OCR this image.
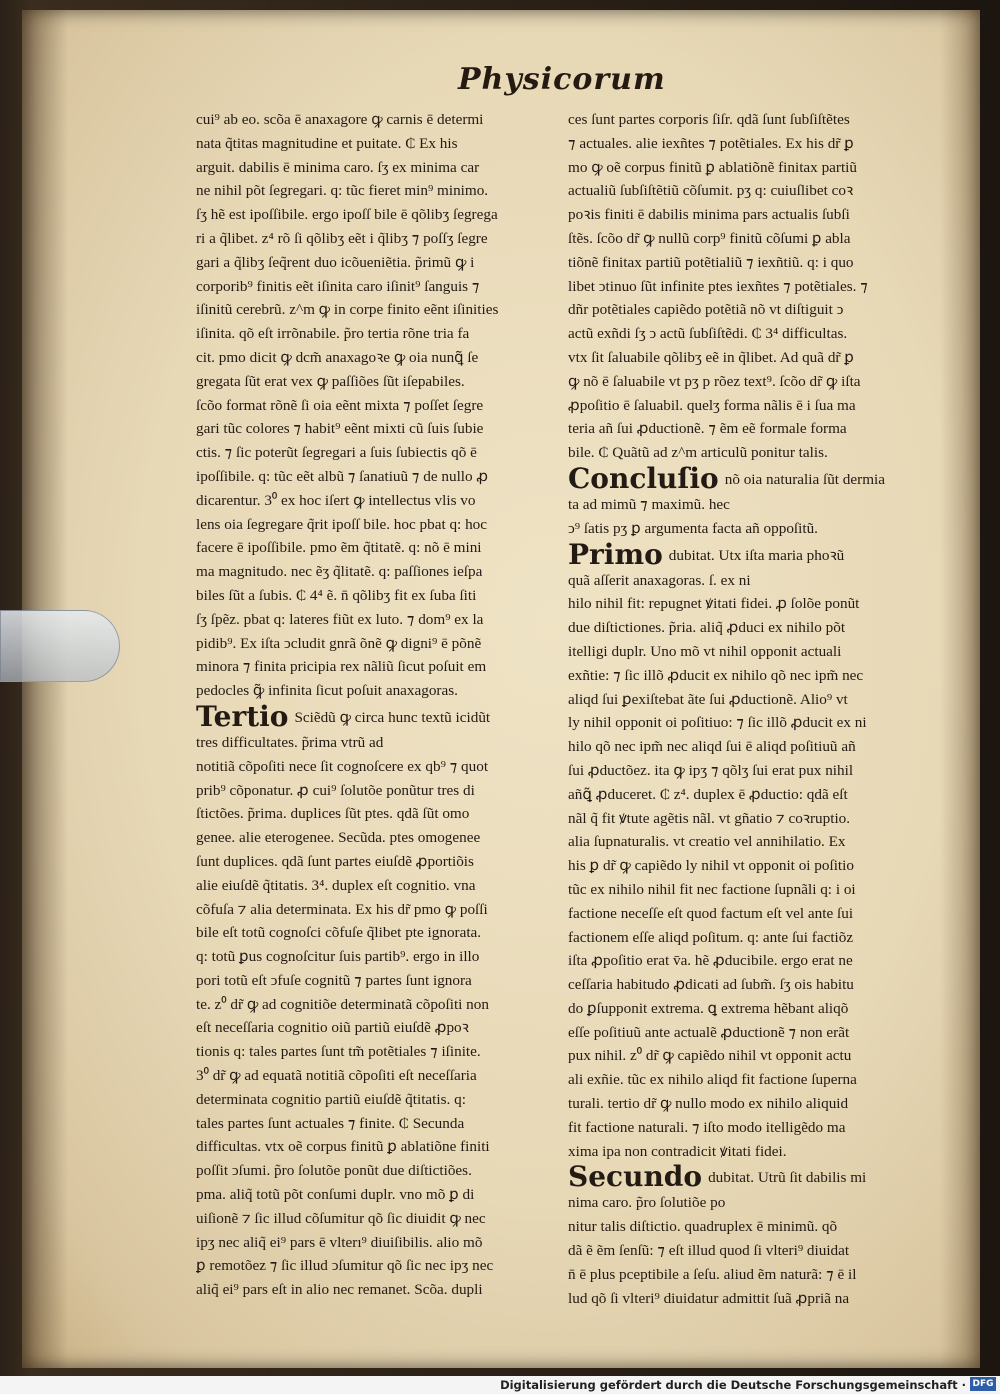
Physicorum
cui⁹ ab eo. scõa ē anaxagore ꝙ carnis ē determi
nata q̃titas magnitudine et puitate. ₵ Ex his
arguit. dabilis ē minima caro. ſʒ ex minima car
ne nihil põt ſegregari. q: tũc fieret min⁹ minimo.
ſʒ hẽ est ipoſſibile. ergo ipoſſ bile ē qõlibʒ ſegrega
ri a q̃libet. z⁴ rõ ſi qõlibʒ eẽt i q̃libʒ ⁊ poſſʒ ſegre
gari a q̃libʒ ſeq̃rent duo icõueniẽtia. p̃rimũ ꝙ i
corporib⁹ finitis eẽt iſinita caro iſinit⁹ ſanguis ⁊
iſinitũ cerebrũ. z^m ꝙ in corpe finito eẽnt iſinities
iſinita. qõ eſt irrõnabile. p̃ro tertia rõne tria fa
cit. pmo dicit ꝙ dcm̃ anaxagoꝛe ꝙ oia nunꝗ̃ ſe
gregata ſũt erat vex ꝙ paſſiões ſũt iſepabiles.
ſcõo format rõnẽ ſi oia eẽnt mixta ⁊ poſſet ſegre
gari tũc colores ⁊ habit⁹ eẽnt mixti cũ ſuis ſubie
ctis. ⁊ ſic poterũt ſegregari a ſuis ſubiectis qõ ē
ipoſſibile. q: tũc eẽt albũ ⁊ ſanatiuũ ⁊ de nullo ꝓ
dicarentur. 3⁰ ex hoc iſert ꝙ intellectus vlis vo
lens oia ſegregare q̃rit ipoſſ bile. hoc pbat q: hoc
facere ē ipoſſibile. pmo ẽm q̃titatẽ. q: nõ ē mini
ma magnitudo. nec ẽʒ q̃litatẽ. q: paſſiones ieſpa
biles ſũt a ſubis. ₵ 4⁴ ẽ. n̄ qõlibʒ fit ex ſuba ſiti
ſʒ ſpẽz. pbat q: lateres fiũt ex luto. ⁊ dom⁹ ex la
pidib⁹. Ex iſta ↄcludit gnrã õnẽ ꝙ digni⁹ ē põnẽ
minora ⁊ finita pricipia rex nãliũ ſicut poſuit em
pedocles ꝙ̃ infinita ſicut poſuit anaxagoras.
Tertio Sciẽdũ ꝙ circa hunc textũ icidũt
tres difficultates. p̃rima vtrũ ad
notitiã cõpoſiti nece ſit cognoſcere ex qb⁹ ⁊ quot
prib⁹ cõponatur. ꝓ cui⁹ ſolutõe ponũtur tres di
ſtictões. p̃rima. duplices ſũt ptes. qdã ſũt omo
genee. alie eterogenee. Secũda. ptes omogenee
ſunt duplices. qdã ſunt partes eiuſdẽ ꝓportiõis
alie eiuſdẽ q̃titatis. 3⁴. duplex eſt cognitio. vna
cõfuſa ⁊ alia determinata. Ex his dr̃ pmo ꝙ poſſi
bile eſt totũ cognoſci cõfuſe q̃libet pte ignorata.
q: totũ ꝑus cognoſcitur ſuis partib⁹. ergo in illo
pori totũ eſt ↄfuſe cognitũ ⁊ partes ſunt ignora
te. z⁰ dr̃ ꝙ ad cognitiõe determinatã cõpoſiti non
eſt neceſſaria cognitio oiũ partiũ eiuſdẽ ꝓpoꝛ
tionis q: tales partes ſunt tm̃ potẽtiales ⁊ iſinite.
3⁰ dr̃ ꝙ ad equatã notitiã cõpoſiti eſt neceſſaria
determinata cognitio partiũ eiuſdẽ q̃titatis. q:
tales partes ſunt actuales ⁊ finite. ₵ Secunda
difficultas. vtx oẽ corpus finitũ ꝑ ablatiõne finiti
poſſit ↄſumi. p̃ro ſolutõe ponũt due diſtictiões.
pma. aliq̃ totũ põt conſumi duplr. vno mõ ꝑ di
uiſionẽ ⁊ ſic illud cõſumitur qõ ſic diuidit ꝙ nec
ipʒ nec aliq̃ ei⁹ pars ē vlterı⁹ diuiſibilis. alio mõ
ꝑ remotõez ⁊ ſic illud ↄſumitur qõ ſic nec ipʒ nec
aliq̃ ei⁹ pars eſt in alio nec remanet. Scõa. dupli
ces ſunt partes corporis ſiſr. qdã ſunt ſubſiſtẽtes
⁊ actuales. alie iexñtes ⁊ potẽtiales. Ex his dr̃ ꝑ
mo ꝙ oẽ corpus finitũ ꝑ ablatiõnẽ finitax partiũ
actualiũ ſubſiſtẽtiũ cõſumit. pʒ q: cuiuſlibet coꝛ
poꝛis finiti ē dabilis minima pars actualis ſubſi
ſtẽs. ſcõo dr̃ ꝙ nullũ corp⁹ finitũ cõſumi ꝑ abla
tiõnẽ finitax partiũ potẽtialiũ ⁊ iexñtiũ. q: i quo
libet ↄtinuo ſũt infinite ptes iexñtes ⁊ potẽtiales. ⁊
dñr potẽtiales capiẽdo potẽtiã nõ vt diſtiguit ↄ
actũ exñdi ſʒ ↄ actũ ſubſiſtẽdi. ₵ 3⁴ difficultas.
vtx ſit ſaluabile qõlibʒ eẽ in q̃libet. Ad quã dr̃ ꝑ
ꝙ nõ ē ſaluabile vt pʒ p rõez text⁹. ſcõo dr̃ ꝙ iſta
ꝓpoſitio ē ſaluabil. quelʒ forma nãlis ē i ſua ma
teria añ ſui ꝓductionẽ. ⁊ ẽm eẽ formale forma
bile. ₵ Quãtũ ad z^m articulũ ponitur talis.
Concluſio nõ oia naturalia ſũt dermia
ta ad mimũ ⁊ maximũ. hec
ↄ⁹ ſatis pʒ ꝑ argumenta facta añ oppoſitũ.
Primo dubitat. Utx iſta maria phoꝛũ
quã aſſerit anaxagoras. ſ. ex ni
hilo nihil fit: repugnet ꝟitati fidei. ꝓ ſolõe ponũt
due diſtictiones. p̃ria. aliq̃ ꝓduci ex nihilo põt
itelligi duplr. Uno mõ vt nihil opponit actuali
exñtie: ⁊ ſic illõ ꝓducit ex nihilo qõ nec ipm̃ nec
aliqd ſui ꝑexiſtebat ãte ſui ꝓductionẽ. Alio⁹ vt
ly nihil opponit oi poſitiuo: ⁊ ſic illõ ꝓducit ex ni
hilo qõ nec ipm̃ nec aliqd ſui ē aliqd poſitiuũ añ
ſui ꝓductõez. ita ꝙ ipʒ ⁊ qõlʒ ſui erat pux nihil
añꝗ̃ ꝓduceret. ₵ z⁴. duplex ē ꝓductio: qdã eſt
nãl q̃ fit ꝟtute agẽtis nãl. vt gñatio ⁊ coꝛruptio.
alia ſupnaturalis. vt creatio vel annihilatio. Ex
his ꝑ dr̃ ꝙ capiẽdo ly nihil vt opponit oi poſitio
tũc ex nihilo nihil fit nec factione ſupnãli q: i oi
factione neceſſe eſt quod factum eſt vel ante ſui
factionem eſſe aliqd poſitum. q: ante ſui factiõz
iſta ꝓpoſitio erat v̄a. hẽ ꝓducibile. ergo erat ne
ceſſaria habitudo ꝓdicati ad ſubm̃. ſʒ ois habitu
do ꝑſupponit extrema. ꝗ extrema hẽbant aliqõ
eſſe poſitiuũ ante actualẽ ꝓductionẽ ⁊ non erãt
pux nihil. z⁰ dr̃ ꝙ capiẽdo nihil vt opponit actu
ali exñie. tũc ex nihilo aliqd fit factione ſuperna
turali. tertio dr̃ ꝙ nullo modo ex nihilo aliquid
fit factione naturali. ⁊ iſto modo itelligẽdo ma
xima ipa non contradicit ꝟitati fidei.
Secundo dubitat. Utrũ ſit dabilis mi
nima caro. p̃ro ſolutiõe po
nitur talis diſtictio. quadruplex ē minimũ. qõ
dã ẽ ẽm ſenſũ: ⁊ eſt illud quod ſi vlteri⁹ diuidat
n̄ ē plus pceptibile a ſeſu. aliud ẽm naturã: ⁊ ē il
lud qõ ſi vlteri⁹ diuidatur admittit ſuã ꝓpriã na
Digitalisierung gefördert durch die Deutsche Forschungsgemeinschaft · DFG
